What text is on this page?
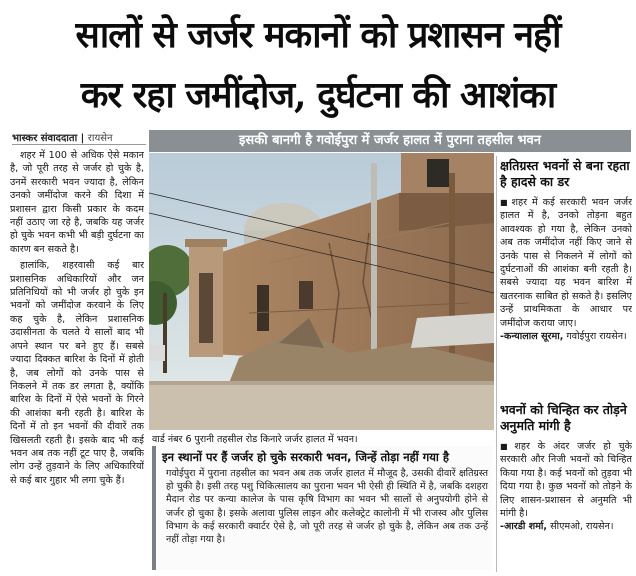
सालों से जर्जर मकानों को प्रशासन नहीं
कर रहा जमींदोज, दुर्घटना की आशंका
भास्कर संवाददाता | रायसेन

शहर में 100 से अधिक ऐसे मकान है, जो पूरी तरह से जर्जर हो चुके है, उनमें सरकारी भवन ज्यादा है, लेकिन उनको जमींदोज करने की दिशा में प्रशासन द्वारा किसी प्रकार के कदम नहीं उठाए जा रहे है, जबकि यह जर्जर हो चुके भवन कभी भी बड़ी दुर्घटना का कारण बन सकते है।

हालांकि, शहरवासी कई बार प्रशासनिक अधिकारियों और जन प्रतिनिधियों को भी जर्जर हो चुके इन भवनों को जमींदोज करवाने के लिए कह चुके है, लेकिन प्रशासनिक उदासीनता के चलते ये सालों बाद भी अपने स्थान पर बने हुए हैं। सबसे ज्यादा दिक्कत बारिश के दिनों में होती है, जब लोगों को उनके पास से निकलने में तक डर लगता है, क्योंकि बारिश के दिनों में ऐसे भवनों के गिरने की आशंका बनी रहती है। बारिश के दिनों में तो इन भवनों की दीवारें तक खिसलती रहती है। इसके बाद भी कई भवन अब तक नहीं टूट पाए है, जबकि लोग उन्हें तुड़वाने के लिए अधिकारियों से कई बार गुहार भी लगा चुके हैं।

इसकी बानगी है गवोईपुरा में जर्जर हालत में पुराना तहसील भवन
वार्ड नंबर 6 पुरानी तहसील रोड किनारे जर्जर हालत में भवन।
इन स्थानों पर हैं जर्जर हो चुके सरकारी भवन, जिन्हें तोड़ा नहीं गया है

गवोईपुरा में पुराना तहसील का भवन अब तक जर्जर हालत में मौजूद है, उसकी दीवारें क्षतिग्रस्त हो चुकी है। इसी तरह पशु चिकित्सालय का पुराना भवन भी ऐसी ही स्थिति में है, जबकि दशहरा मैदान रोड पर कन्या कालेज के पास कृषि विभाग का भवन भी सालों से अनुपयोगी होने से जर्जर हो चुका है। इसके अलावा पुलिस लाइन और कलेक्ट्रेट कालोनी में भी राजस्व और पुलिस विभाग के कई सरकारी क्वार्टर ऐसे है, जो पूरी तरह से जर्जर हो चुके है, लेकिन अब तक उन्हें नहीं तोड़ा गया है।

क्षतिग्रस्त भवनों से बना रहता है हादसे का डर
■ शहर में कई सरकारी भवन जर्जर हालत में है, उनको तोड़ना बहुत आवश्यक हो गया है, लेकिन उनको अब तक जमींदोज नहीं किए जाने से उनके पास से निकलने में लोगों को दुर्घटनाओं की आशंका बनी रहती है। सबसे ज्यादा यह भवन बारिश में खतरनाक साबित हो सकते है। इसलिए उन्हें प्राथमिकता के आधार पर जमींदोज कराया जाए।
-कन्यालाल सूरमा, गवोईपुरा रायसेन।
भवनों को चिन्हित कर तोड़ने अनुमति मांगी है
■ शहर के अंदर जर्जर हो चुके सरकारी और निजी भवनों को चिन्हित किया गया है। कई भवनों को तुड़वा भी दिया गया है। कुछ भवनों को तोड़ने के लिए शासन-प्रशासन से अनुमति भी मांगी है।
-आरडी शर्मा, सीएमओ, रायसेन।
